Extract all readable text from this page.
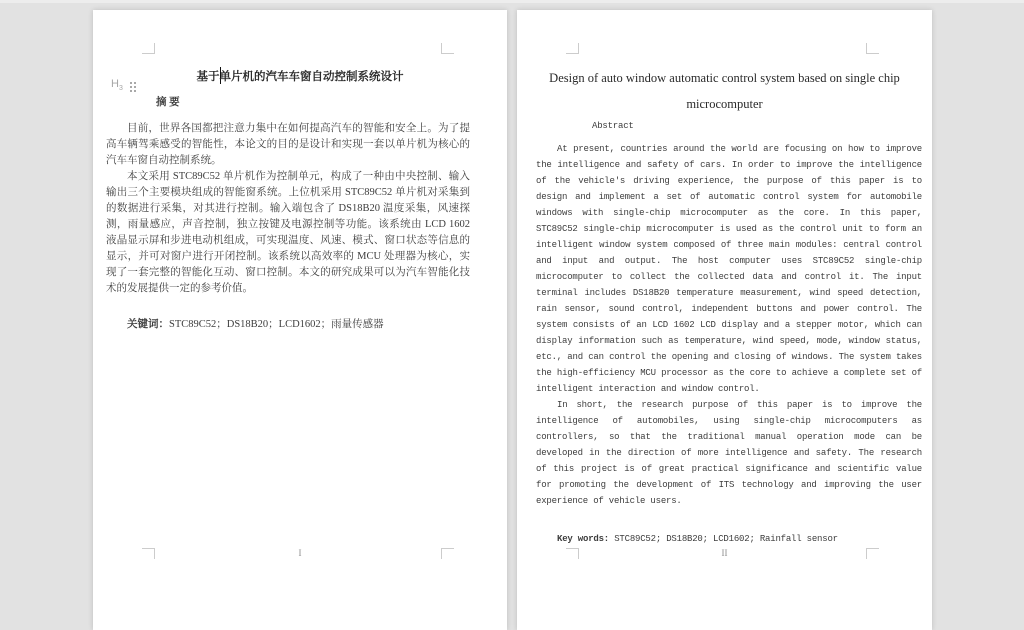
$H_3$
基于单片机的汽车车窗自动控制系统设计
摘 要

目前，世界各国都把注意力集中在如何提高汽车的智能和安全上。为了提高车辆驾乘感受的智能性，本论文的目的是设计和实现一套以单片机为核心的汽车车窗自动控制系统。

本文采用 STC89C52 单片机作为控制单元，构成了一种由中央控制、输入输出三个主要模块组成的智能窗系统。上位机采用 STC89C52 单片机对采集到的数据进行采集，对其进行控制。输入端包含了 DS18B20 温度采集，风速探测，雨量感应，声音控制，独立按键及电源控制等功能。该系统由 LCD 1602 液晶显示屏和步进电动机组成，可实现温度、风速、模式、窗口状态等信息的显示，并可对窗户进行开闭控制。该系统以高效率的 MCU 处理器为核心，实现了一套完整的智能化互动、窗口控制。本文的研究成果可以为汽车智能化技术的发展提供一定的参考价值。

关键词：STC89C52；DS18B20；LCD1602；雨量传感器
I
Design of auto window automatic control system based on single chip
microcomputer
Abstract

At present, countries around the world are focusing on how to improve the intelligence and safety of cars. In order to improve the intelligence of the vehicle's driving experience, the purpose of this paper is to design and implement a set of automatic control system for automobile windows with single-chip microcomputer as the core. In this paper, STC89C52 single-chip microcomputer is used as the control unit to form an intelligent window system composed of three main modules: central control and input and output. The host computer uses STC89C52 single-chip microcomputer to collect the collected data and control it. The input terminal includes DS18B20 temperature measurement, wind speed detection, rain sensor, sound control, independent buttons and power control. The system consists of an LCD 1602 LCD display and a stepper motor, which can display information such as temperature, wind speed, mode, window status, etc., and can control the opening and closing of windows. The system takes the high-efficiency MCU processor as the core to achieve a complete set of intelligent interaction and window control.

In short, the research purpose of this paper is to improve the intelligence of automobiles, using single-chip microcomputers as controllers, so that the traditional manual operation mode can be developed in the direction of more intelligence and safety. The research of this project is of great practical significance and scientific value for promoting the development of ITS technology and improving the user experience of vehicle users.

Key words: STC89C52; DS18B20; LCD1602; Rainfall sensor
II
